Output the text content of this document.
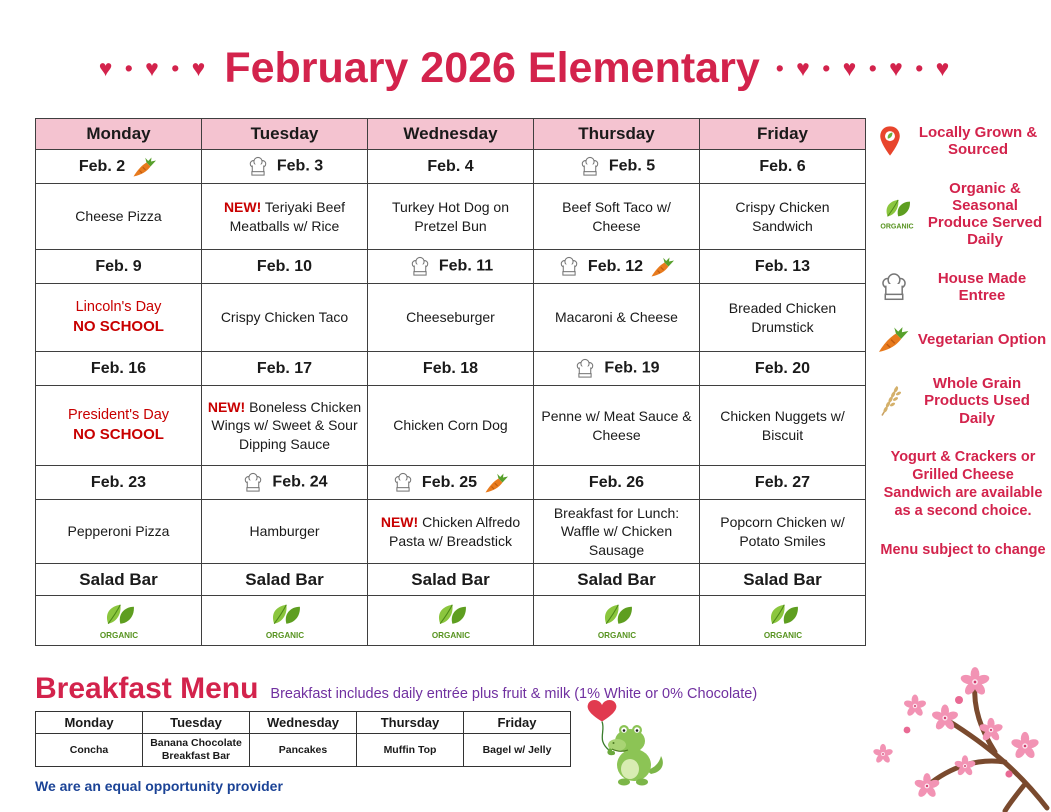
♥ • ♥ • ♥ February 2026 Elementary • ♥ • ♥ • ♥ • ♥
Monday	Tuesday	Wednesday	Thursday	Friday
Feb. 2	Feb. 3	Feb. 4	Feb. 5	Feb. 6

Cheese Pizza	NEW! Teriyaki Beef Meatballs w/ Rice	Turkey Hot Dog on Pretzel Bun	Beef Soft Taco w/ Cheese	Crispy Chicken Sandwich

Feb. 9	Feb. 10	Feb. 11	Feb. 12	Feb. 13

Lincoln's Day
NO SCHOOL	Crispy Chicken Taco	Cheeseburger	Macaroni & Cheese	Breaded Chicken Drumstick

Feb. 16	Feb. 17	Feb. 18	Feb. 19	Feb. 20

President's Day
NO SCHOOL	NEW! Boneless Chicken Wings w/ Sweet & Sour Dipping Sauce	Chicken Corn Dog	Penne w/ Meat Sauce & Cheese	Chicken Nuggets w/ Biscuit

Feb. 23	Feb. 24	Feb. 25	Feb. 26	Feb. 27

Pepperoni Pizza	Hamburger	NEW! Chicken Alfredo Pasta w/ Breadstick	Breakfast for Lunch: Waffle w/ Chicken Sausage	Popcorn Chicken w/ Potato Smiles

Salad Bar	Salad Bar	Salad Bar	Salad Bar	Salad Bar

ORGANIC	ORGANIC	ORGANIC	ORGANIC	ORGANIC
Locally Grown & Sourced
ORGANIC
Organic & Seasonal Produce Served Daily
House Made Entree
Vegetarian Option
Whole Grain Products Used Daily
Yogurt & Crackers or Grilled Cheese Sandwich are available as a second choice.
Menu subject to change
Breakfast Menu Breakfast includes daily entrée plus fruit & milk (1% White or 0% Chocolate)
Monday	Tuesday	Wednesday	Thursday	Friday
Concha	Banana Chocolate Breakfast Bar	Pancakes	Muffin Top	Bagel w/ Jelly
We are an equal opportunity provider
